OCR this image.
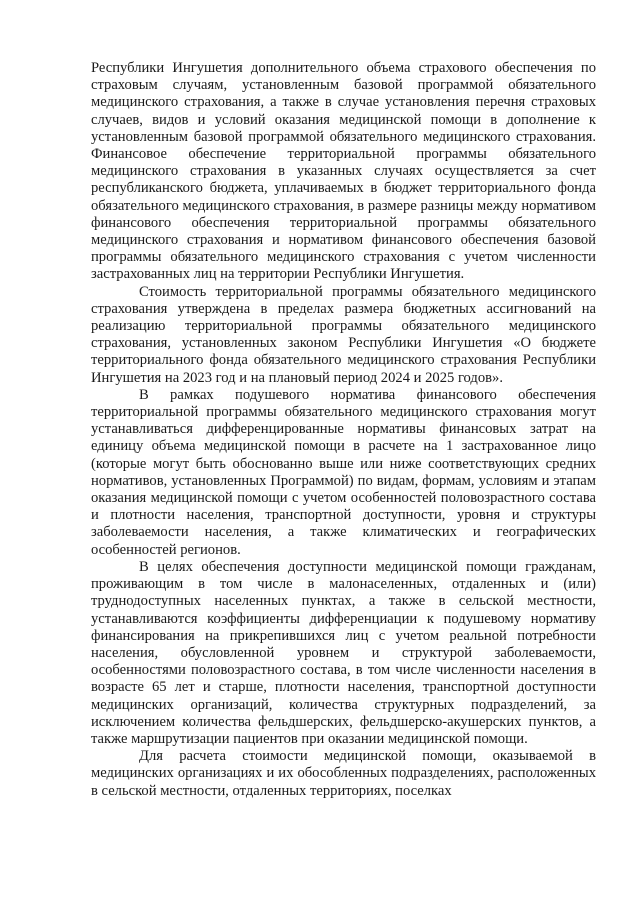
Республики Ингушетия дополнительного объема страхового обеспечения по страховым случаям, установленным базовой программой обязательного медицинского страхования, а также в случае установления перечня страховых случаев, видов и условий оказания медицинской помощи в дополнение к установленным базовой программой обязательного медицинского страхования. Финансовое обеспечение территориальной программы обязательного медицинского страхования в указанных случаях осуществляется за счет республиканского бюджета, уплачиваемых в бюджет территориального фонда обязательного медицинского страхования, в размере разницы между нормативом финансового обеспечения территориальной программы обязательного медицинского страхования и нормативом финансового обеспечения базовой программы обязательного медицинского страхования с учетом численности застрахованных лиц на территории Республики Ингушетия.

Стоимость территориальной программы обязательного медицинского страхования утверждена в пределах размера бюджетных ассигнований на реализацию территориальной программы обязательного медицинского страхования, установленных законом Республики Ингушетия «О бюджете территориального фонда обязательного медицинского страхования Республики Ингушетия на 2023 год и на плановый период 2024 и 2025 годов».

В рамках подушевого норматива финансового обеспечения территориальной программы обязательного медицинского страхования могут устанавливаться дифференцированные нормативы финансовых затрат на единицу объема медицинской помощи в расчете на 1 застрахованное лицо (которые могут быть обоснованно выше или ниже соответствующих средних нормативов, установленных Программой) по видам, формам, условиям и этапам оказания медицинской помощи с учетом особенностей половозрастного состава и плотности населения, транспортной доступности, уровня и структуры заболеваемости населения, а также климатических и географических особенностей регионов.

В целях обеспечения доступности медицинской помощи гражданам, проживающим в том числе в малонаселенных, отдаленных и (или) труднодоступных населенных пунктах, а также в сельской местности, устанавливаются коэффициенты дифференциации к подушевому нормативу финансирования на прикрепившихся лиц с учетом реальной потребности населения, обусловленной уровнем и структурой заболеваемости, особенностями половозрастного состава, в том числе численности населения в возрасте 65 лет и старше, плотности населения, транспортной доступности медицинских организаций, количества структурных подразделений, за исключением количества фельдшерских, фельдшерско-акушерских пунктов, а также маршрутизации пациентов при оказании медицинской помощи.

Для расчета стоимости медицинской помощи, оказываемой в медицинских организациях и их обособленных подразделениях, расположенных в сельской местности, отдаленных территориях, поселках
